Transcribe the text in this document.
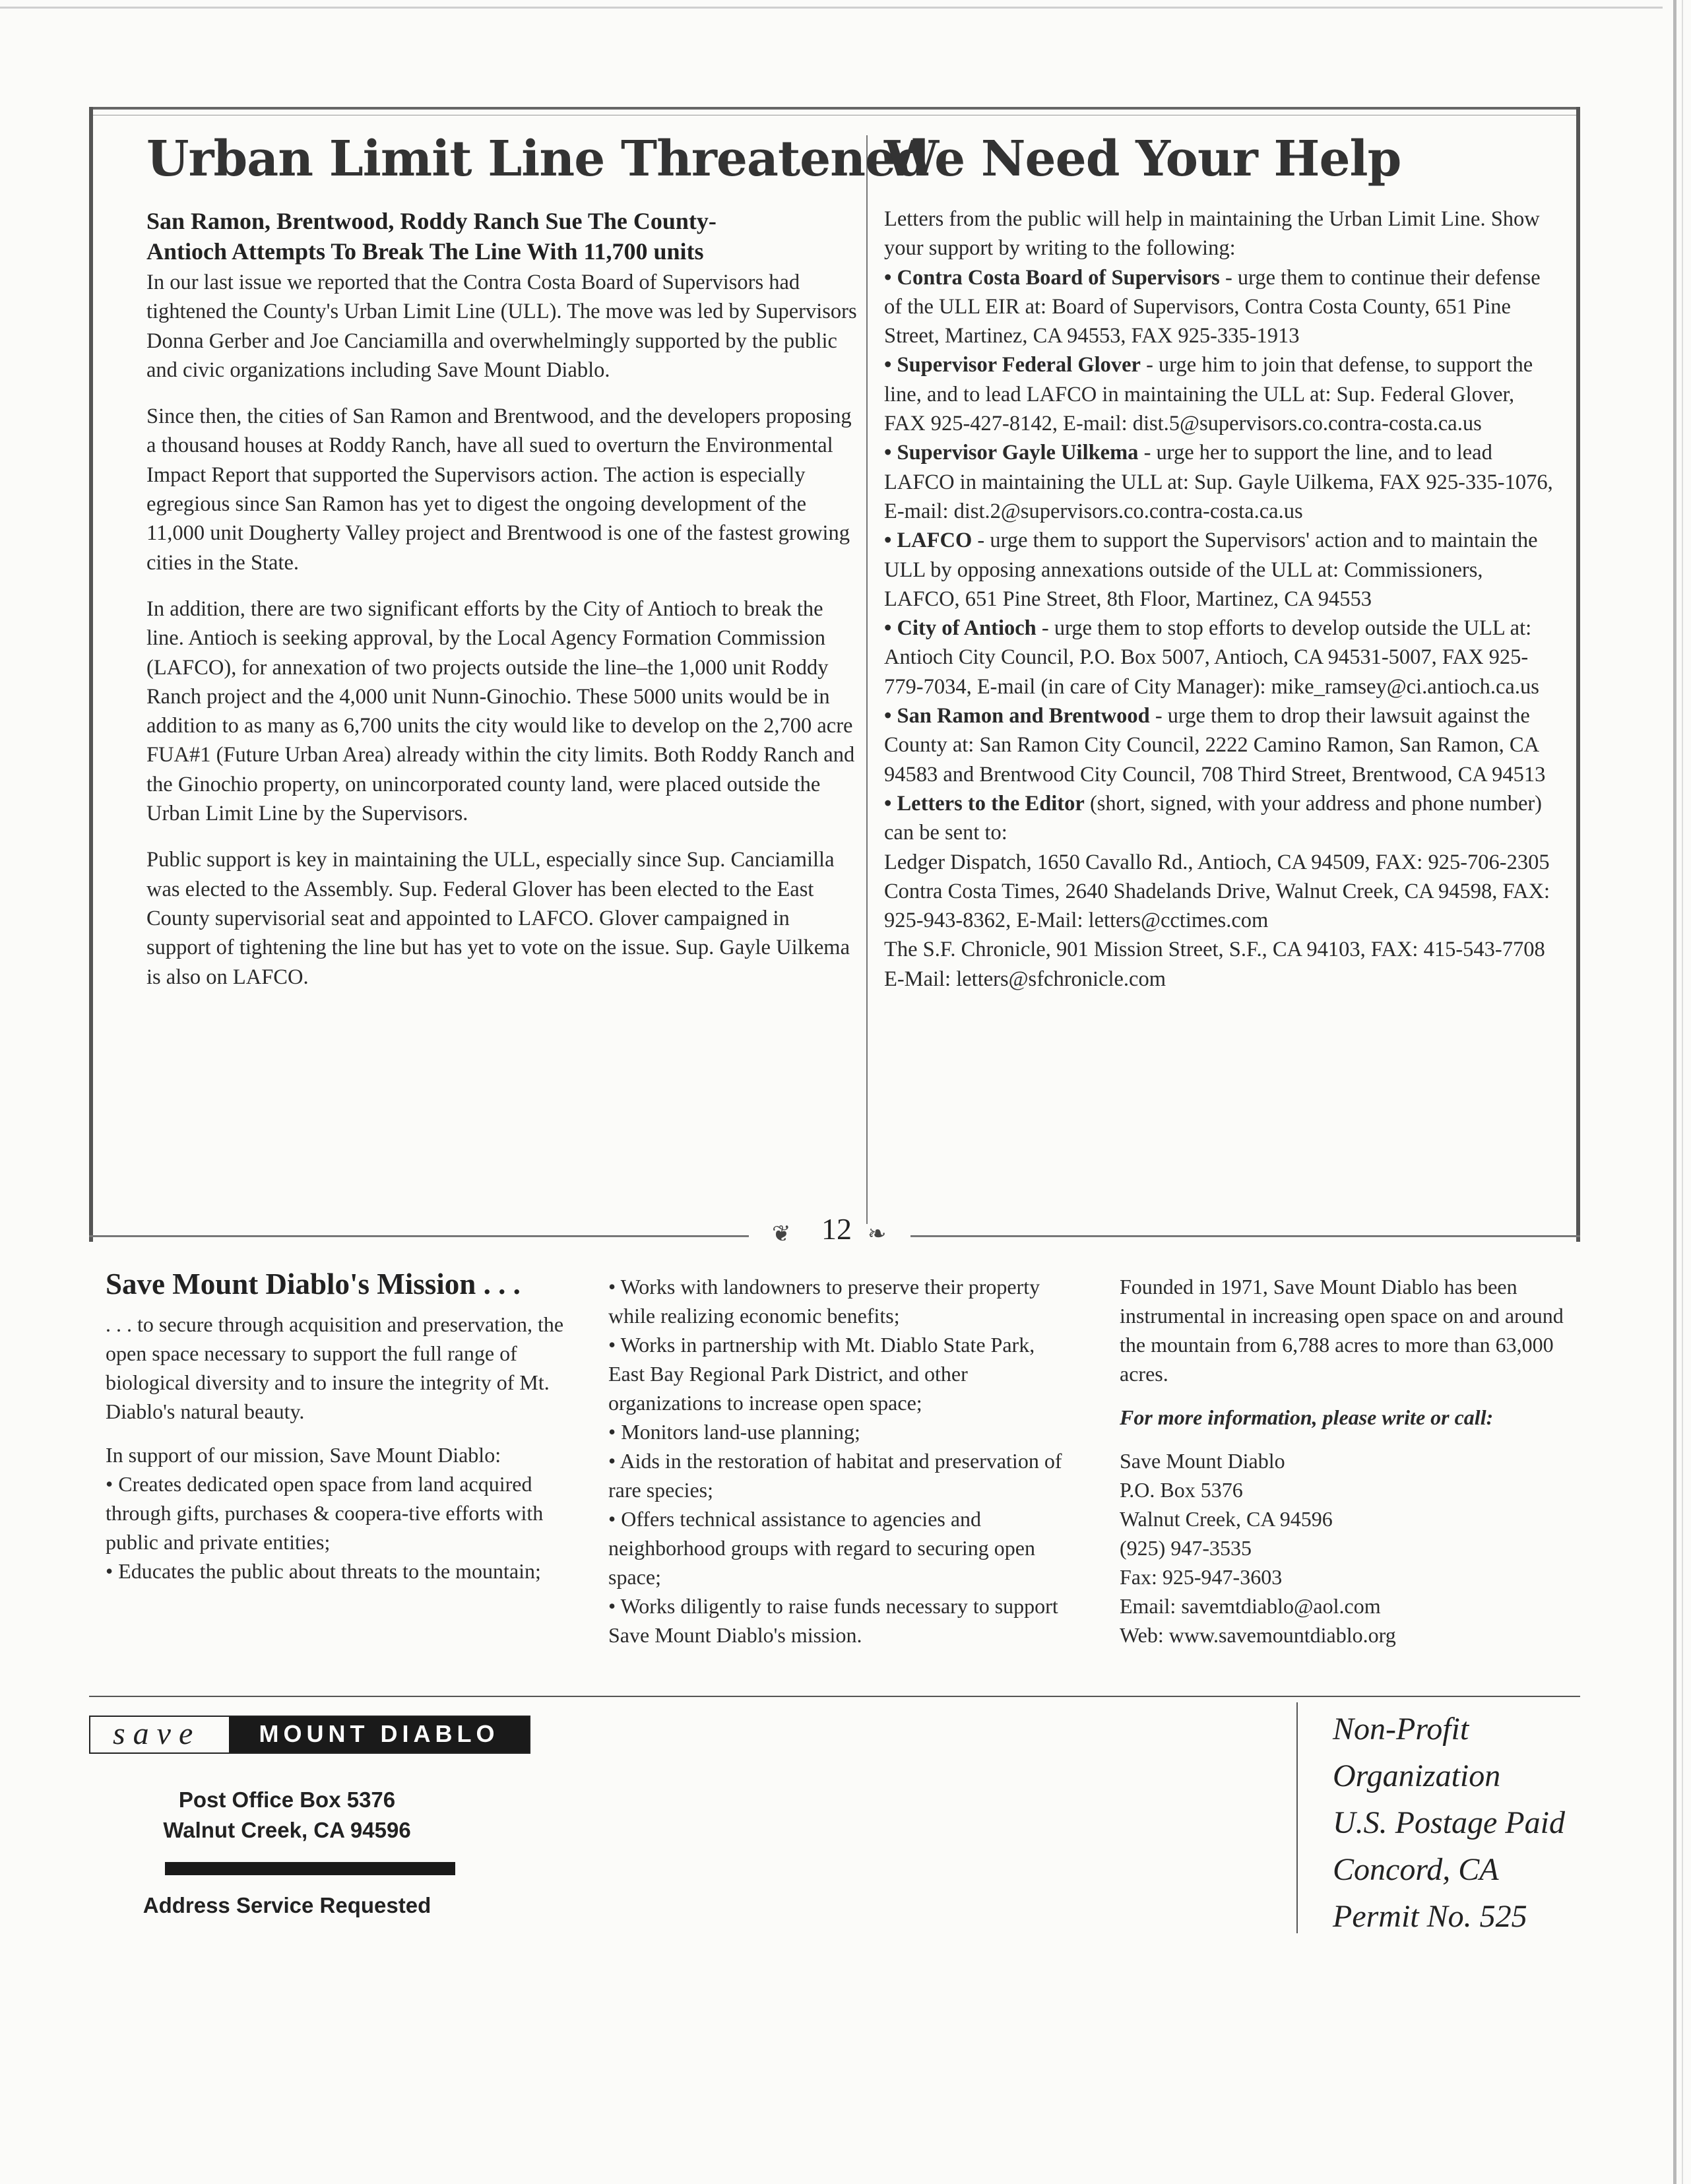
Urban Limit Line Threatened
San Ramon, Brentwood, Roddy Ranch Sue The County-
Antioch Attempts To Break The Line With 11,700 units

In our last issue we reported that the Contra Costa Board of Supervisors had tightened the County's Urban Limit Line (ULL). The move was led by Supervisors Donna Gerber and Joe Canciamilla and overwhelmingly supported by the public and civic organizations including Save Mount Diablo.

Since then, the cities of San Ramon and Brentwood, and the developers proposing a thousand houses at Roddy Ranch, have all sued to overturn the Environmental Impact Report that supported the Supervisors action. The action is especially egregious since San Ramon has yet to digest the ongoing development of the 11,000 unit Dougherty Valley project and Brentwood is one of the fastest growing cities in the State.

In addition, there are two significant efforts by the City of Antioch to break the line. Antioch is seeking approval, by the Local Agency Formation Commission (LAFCO), for annexation of two projects outside the line–the 1,000 unit Roddy Ranch project and the 4,000 unit Nunn-Ginochio. These 5000 units would be in addition to as many as 6,700 units the city would like to develop on the 2,700 acre FUA#1 (Future Urban Area) already within the city limits. Both Roddy Ranch and the Ginochio property, on unincorporated county land, were placed outside the Urban Limit Line by the Supervisors.

Public support is key in maintaining the ULL, especially since Sup. Canciamilla was elected to the Assembly. Sup. Federal Glover has been elected to the East County supervisorial seat and appointed to LAFCO. Glover campaigned in support of tightening the line but has yet to vote on the issue. Sup. Gayle Uilkema is also on LAFCO.

We Need Your Help
Letters from the public will help in maintaining the Urban Limit Line. Show your support by writing to the following:
• Contra Costa Board of Supervisors - urge them to continue their defense of the ULL EIR at: Board of Supervisors, Contra Costa County, 651 Pine Street, Martinez, CA 94553, FAX 925-335-1913
• Supervisor Federal Glover - urge him to join that defense, to support the line, and to lead LAFCO in maintaining the ULL at: Sup. Federal Glover, FAX 925-427-8142, E-mail: dist.5@supervisors.co.contra-costa.ca.us
• Supervisor Gayle Uilkema - urge her to support the line, and to lead LAFCO in maintaining the ULL at: Sup. Gayle Uilkema, FAX 925-335-1076, E-mail: dist.2@supervisors.co.contra-costa.ca.us
• LAFCO - urge them to support the Supervisors' action and to maintain the ULL by opposing annexations outside of the ULL at: Commissioners, LAFCO, 651 Pine Street, 8th Floor, Martinez, CA 94553
• City of Antioch - urge them to stop efforts to develop outside the ULL at: Antioch City Council, P.O. Box 5007, Antioch, CA 94531-5007, FAX 925-779-7034, E-mail (in care of City Manager): mike_ramsey@ci.antioch.ca.us
• San Ramon and Brentwood - urge them to drop their lawsuit against the County at: San Ramon City Council, 2222 Camino Ramon, San Ramon, CA 94583 and Brentwood City Council, 708 Third Street, Brentwood, CA 94513
• Letters to the Editor (short, signed, with your address and phone number) can be sent to:
Ledger Dispatch, 1650 Cavallo Rd., Antioch, CA 94509, FAX: 925-706-2305
Contra Costa Times, 2640 Shadelands Drive, Walnut Creek, CA 94598, FAX: 925-943-8362, E-Mail: letters@cctimes.com
The S.F. Chronicle, 901 Mission Street, S.F., CA 94103, FAX: 415-543-7708 E-Mail: letters@sfchronicle.com
❦ 12 ❧
Save Mount Diablo's Mission . . .

. . . to secure through acquisition and preservation, the open space necessary to support the full range of biological diversity and to insure the integrity of Mt. Diablo's natural beauty.

In support of our mission, Save Mount Diablo:
• Creates dedicated open space from land acquired through gifts, purchases & coopera-tive efforts with public and private entities;
• Educates the public about threats to the mountain;
• Works with landowners to preserve their property while realizing economic benefits;
• Works in partnership with Mt. Diablo State Park, East Bay Regional Park District, and other organizations to increase open space;
• Monitors land-use planning;
• Aids in the restoration of habitat and preservation of rare species;
• Offers technical assistance to agencies and neighborhood groups with regard to securing open space;
• Works diligently to raise funds necessary to support Save Mount Diablo's mission.

Founded in 1971, Save Mount Diablo has been instrumental in increasing open space on and around the mountain from 6,788 acres to more than 63,000 acres.

For more information, please write or call:

Save Mount Diablo
P.O. Box 5376
Walnut Creek, CA 94596
(925) 947-3535
Fax: 925-947-3603
Email: savemtdiablo@aol.com
Web: www.savemountdiablo.org
save	MOUNT DIABLO
Post Office Box 5376
Walnut Creek, CA 94596
Address Service Requested
Non-Profit
Organization
U.S. Postage Paid
Concord, CA
Permit No. 525
